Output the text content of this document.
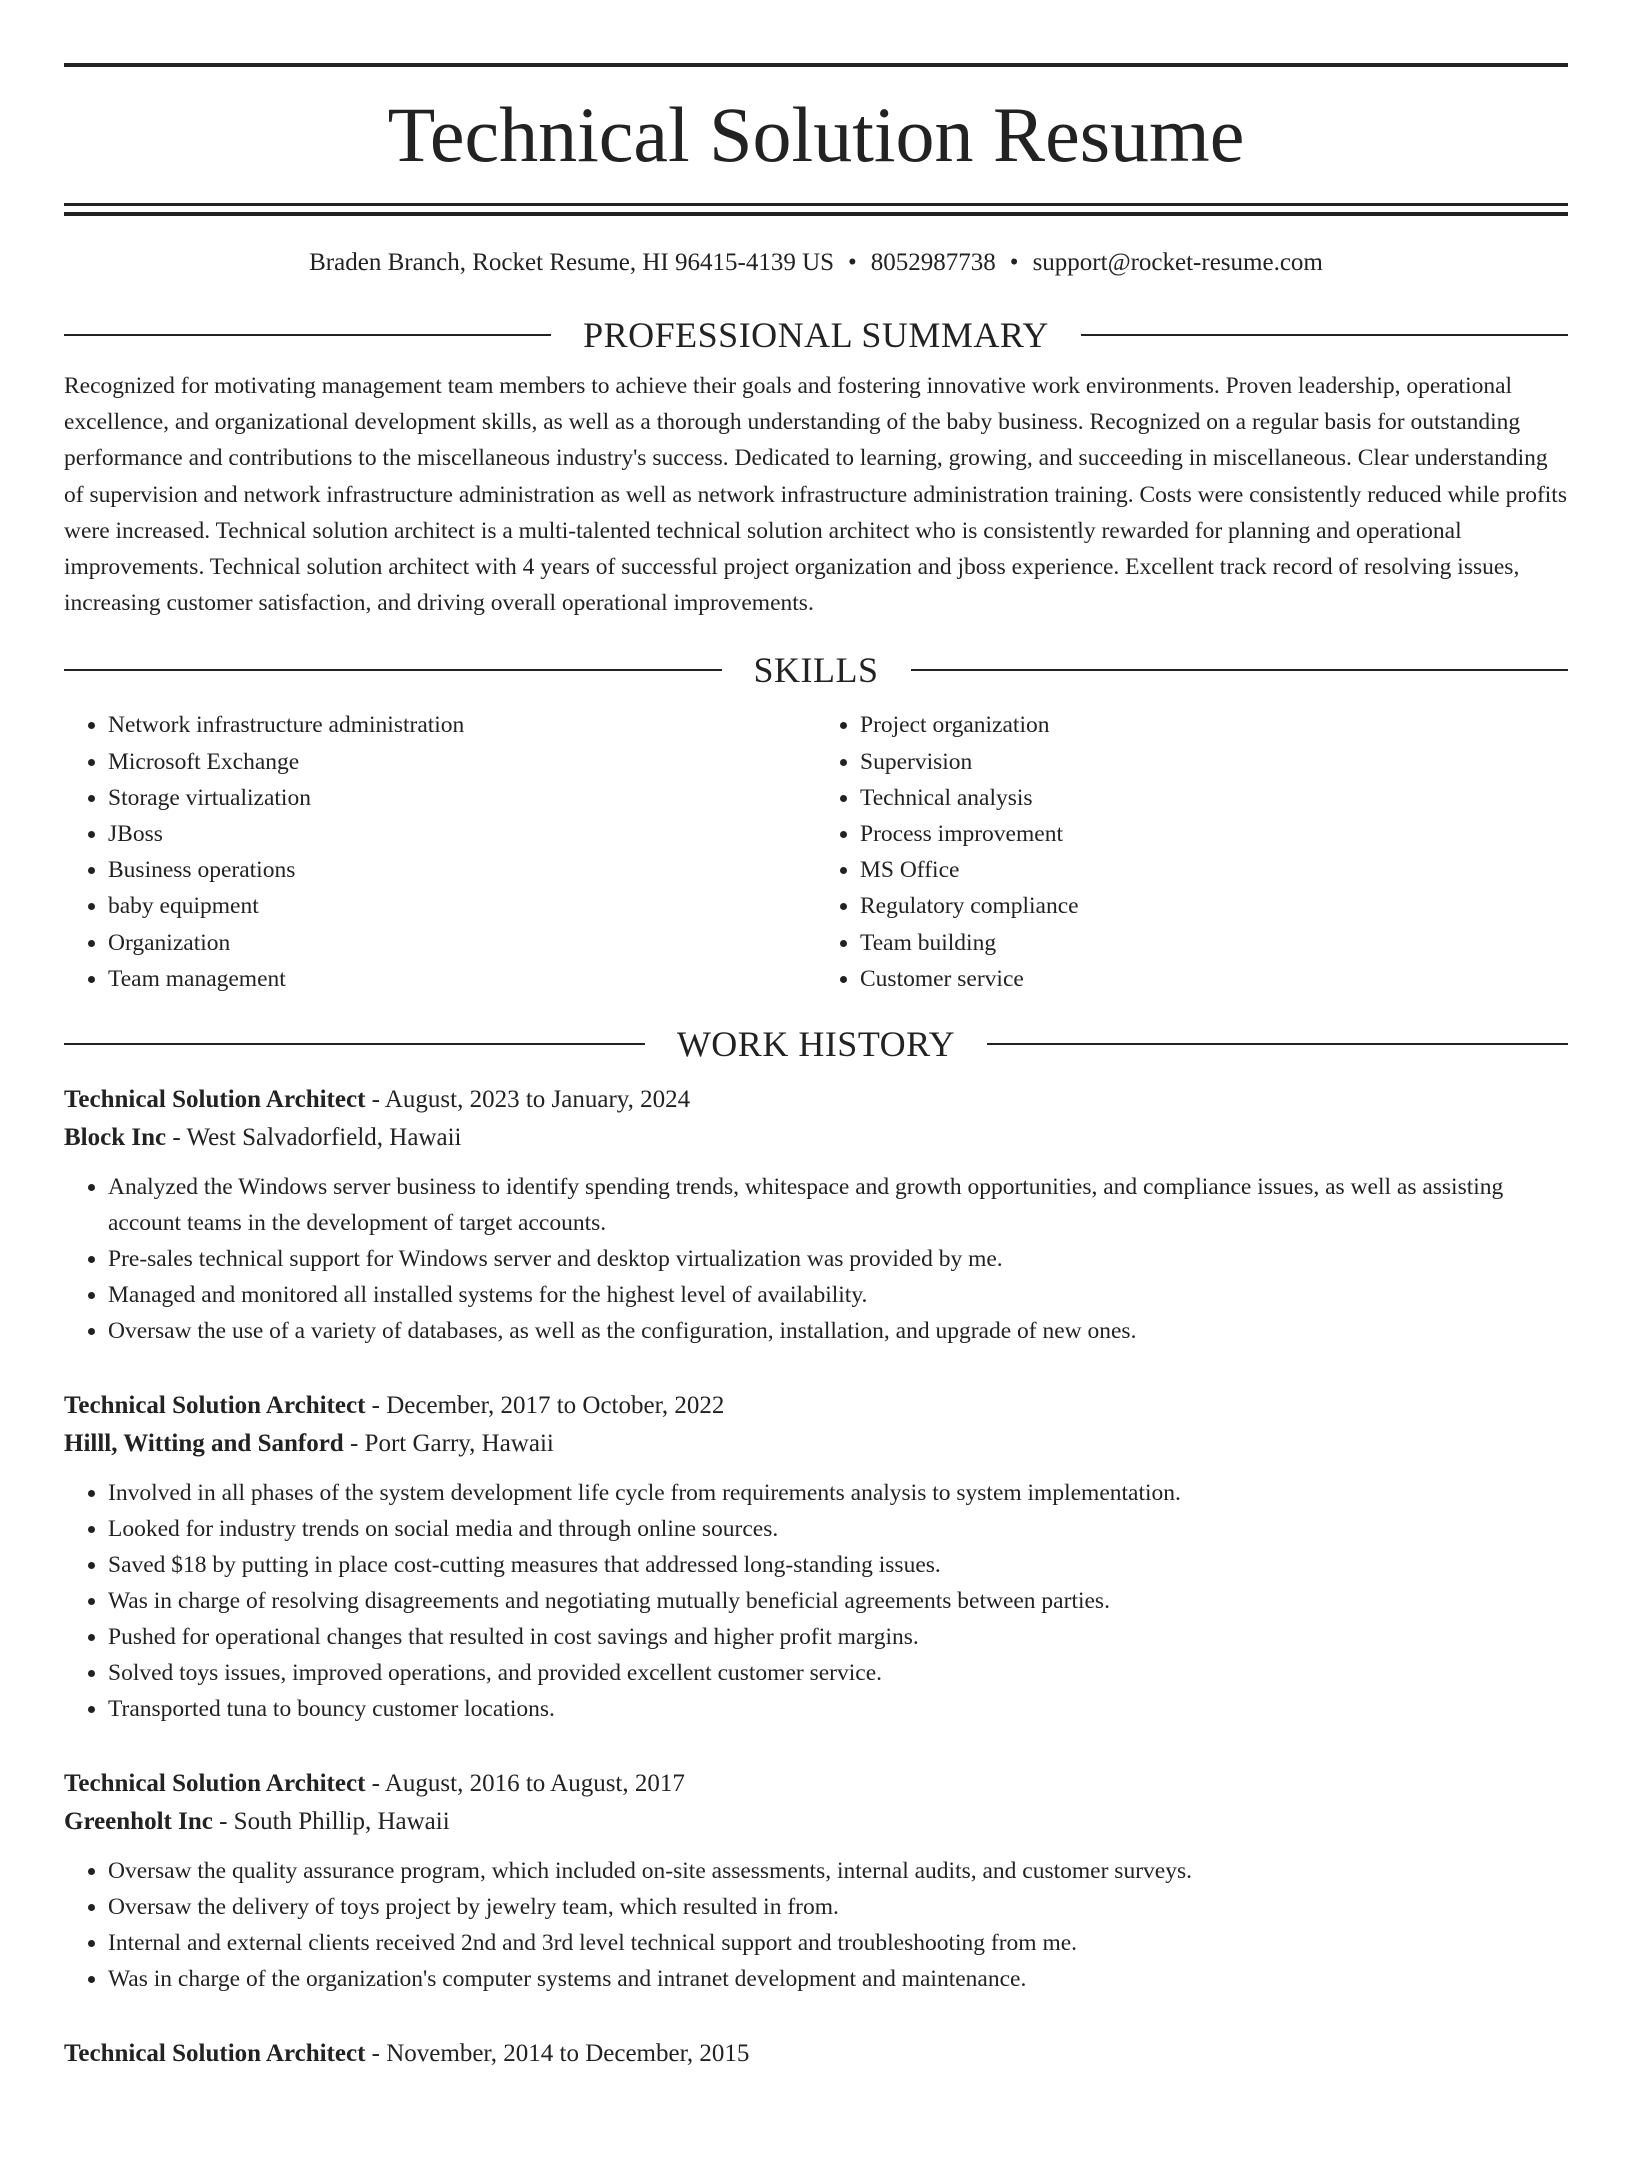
Technical Solution Resume
Braden Branch, Rocket Resume, HI 96415-4139 US • 8052987738 • support@rocket-resume.com
PROFESSIONAL SUMMARY

Recognized for motivating management team members to achieve their goals and fostering innovative work environments. Proven leadership, operational excellence, and organizational development skills, as well as a thorough understanding of the baby business. Recognized on a regular basis for outstanding performance and contributions to the miscellaneous industry's success. Dedicated to learning, growing, and succeeding in miscellaneous. Clear understanding of supervision and network infrastructure administration as well as network infrastructure administration training. Costs were consistently reduced while profits were increased. Technical solution architect is a multi-talented technical solution architect who is consistently rewarded for planning and operational improvements. Technical solution architect with 4 years of successful project organization and jboss experience. Excellent track record of resolving issues, increasing customer satisfaction, and driving overall operational improvements.

SKILLS
• Network infrastructure administration
• Microsoft Exchange
• Storage virtualization
• JBoss
• Business operations
• baby equipment
• Organization
• Team management
• Project organization
• Supervision
• Technical analysis
• Process improvement
• MS Office
• Regulatory compliance
• Team building
• Customer service
WORK HISTORY

Technical Solution Architect - August, 2023 to January, 2024

Block Inc - West Salvadorfield, Hawaii

• Analyzed the Windows server business to identify spending trends, whitespace and growth opportunities, and compliance issues, as well as assisting account teams in the development of target accounts.
• Pre-sales technical support for Windows server and desktop virtualization was provided by me.
• Managed and monitored all installed systems for the highest level of availability.
• Oversaw the use of a variety of databases, as well as the configuration, installation, and upgrade of new ones.

Technical Solution Architect - December, 2017 to October, 2022

Hilll, Witting and Sanford - Port Garry, Hawaii

• Involved in all phases of the system development life cycle from requirements analysis to system implementation.
• Looked for industry trends on social media and through online sources.
• Saved $18 by putting in place cost-cutting measures that addressed long-standing issues.
• Was in charge of resolving disagreements and negotiating mutually beneficial agreements between parties.
• Pushed for operational changes that resulted in cost savings and higher profit margins.
• Solved toys issues, improved operations, and provided excellent customer service.
• Transported tuna to bouncy customer locations.

Technical Solution Architect - August, 2016 to August, 2017

Greenholt Inc - South Phillip, Hawaii

• Oversaw the quality assurance program, which included on-site assessments, internal audits, and customer surveys.
• Oversaw the delivery of toys project by jewelry team, which resulted in from.
• Internal and external clients received 2nd and 3rd level technical support and troubleshooting from me.
• Was in charge of the organization's computer systems and intranet development and maintenance.

Technical Solution Architect - November, 2014 to December, 2015
